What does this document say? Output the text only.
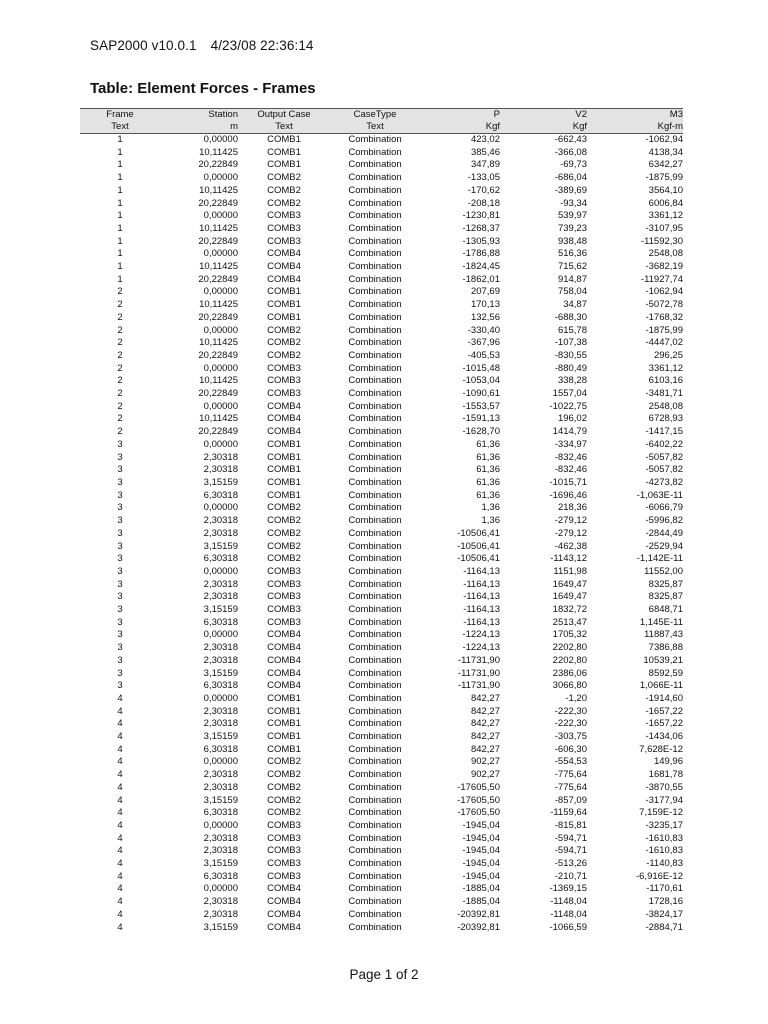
SAP2000 v10.0.1 4/23/08 22:36:14
Table: Element Forces - Frames
Frame	Station	Output Case	CaseType	P	V2	M3
Text	m	Text	Text	Kgf	Kgf	Kgf-m
1	0,00000	COMB1	Combination	423,02	-662,43	-1062,94
1	10,11425	COMB1	Combination	385,46	-366,08	4138,34
1	20,22849	COMB1	Combination	347,89	-69,73	6342,27
1	0,00000	COMB2	Combination	-133,05	-686,04	-1875,99
1	10,11425	COMB2	Combination	-170,62	-389,69	3564,10
1	20,22849	COMB2	Combination	-208,18	-93,34	6006,84
1	0,00000	COMB3	Combination	-1230,81	539,97	3361,12
1	10,11425	COMB3	Combination	-1268,37	739,23	-3107,95
1	20,22849	COMB3	Combination	-1305,93	938,48	-11592,30
1	0,00000	COMB4	Combination	-1786,88	516,36	2548,08
1	10,11425	COMB4	Combination	-1824,45	715,62	-3682,19
1	20,22849	COMB4	Combination	-1862,01	914,87	-11927,74
2	0,00000	COMB1	Combination	207,69	758,04	-1062,94
2	10,11425	COMB1	Combination	170,13	34,87	-5072,78
2	20,22849	COMB1	Combination	132,56	-688,30	-1768,32
2	0,00000	COMB2	Combination	-330,40	615,78	-1875,99
2	10,11425	COMB2	Combination	-367,96	-107,38	-4447,02
2	20,22849	COMB2	Combination	-405,53	-830,55	296,25
2	0,00000	COMB3	Combination	-1015,48	-880,49	3361,12
2	10,11425	COMB3	Combination	-1053,04	338,28	6103,16
2	20,22849	COMB3	Combination	-1090,61	1557,04	-3481,71
2	0,00000	COMB4	Combination	-1553,57	-1022,75	2548,08
2	10,11425	COMB4	Combination	-1591,13	196,02	6728,93
2	20,22849	COMB4	Combination	-1628,70	1414,79	-1417,15
3	0,00000	COMB1	Combination	61,36	-334,97	-6402,22
3	2,30318	COMB1	Combination	61,36	-832,46	-5057,82
3	2,30318	COMB1	Combination	61,36	-832,46	-5057,82
3	3,15159	COMB1	Combination	61,36	-1015,71	-4273,82
3	6,30318	COMB1	Combination	61,36	-1696,46	-1,063E-11
3	0,00000	COMB2	Combination	1,36	218,36	-6066,79
3	2,30318	COMB2	Combination	1,36	-279,12	-5996,82
3	2,30318	COMB2	Combination	-10506,41	-279,12	-2844,49
3	3,15159	COMB2	Combination	-10506,41	-462,38	-2529,94
3	6,30318	COMB2	Combination	-10506,41	-1143,12	-1,142E-11
3	0,00000	COMB3	Combination	-1164,13	1151,98	11552,00
3	2,30318	COMB3	Combination	-1164,13	1649,47	8325,87
3	2,30318	COMB3	Combination	-1164,13	1649,47	8325,87
3	3,15159	COMB3	Combination	-1164,13	1832,72	6848,71
3	6,30318	COMB3	Combination	-1164,13	2513,47	1,145E-11
3	0,00000	COMB4	Combination	-1224,13	1705,32	11887,43
3	2,30318	COMB4	Combination	-1224,13	2202,80	7386,88
3	2,30318	COMB4	Combination	-11731,90	2202,80	10539,21
3	3,15159	COMB4	Combination	-11731,90	2386,06	8592,59
3	6,30318	COMB4	Combination	-11731,90	3066,80	1,066E-11
4	0,00000	COMB1	Combination	842,27	-1,20	-1914,60
4	2,30318	COMB1	Combination	842,27	-222,30	-1657,22
4	2,30318	COMB1	Combination	842,27	-222,30	-1657,22
4	3,15159	COMB1	Combination	842,27	-303,75	-1434,06
4	6,30318	COMB1	Combination	842,27	-606,30	7,628E-12
4	0,00000	COMB2	Combination	902,27	-554,53	149,96
4	2,30318	COMB2	Combination	902,27	-775,64	1681,78
4	2,30318	COMB2	Combination	-17605,50	-775,64	-3870,55
4	3,15159	COMB2	Combination	-17605,50	-857,09	-3177,94
4	6,30318	COMB2	Combination	-17605,50	-1159,64	7,159E-12
4	0,00000	COMB3	Combination	-1945,04	-815,81	-3235,17
4	2,30318	COMB3	Combination	-1945,04	-594,71	-1610,83
4	2,30318	COMB3	Combination	-1945,04	-594,71	-1610,83
4	3,15159	COMB3	Combination	-1945,04	-513,26	-1140,83
4	6,30318	COMB3	Combination	-1945,04	-210,71	-6,916E-12
4	0,00000	COMB4	Combination	-1885,04	-1369,15	-1170,61
4	2,30318	COMB4	Combination	-1885,04	-1148,04	1728,16
4	2,30318	COMB4	Combination	-20392,81	-1148,04	-3824,17
4	3,15159	COMB4	Combination	-20392,81	-1066,59	-2884,71
Page 1 of 2
